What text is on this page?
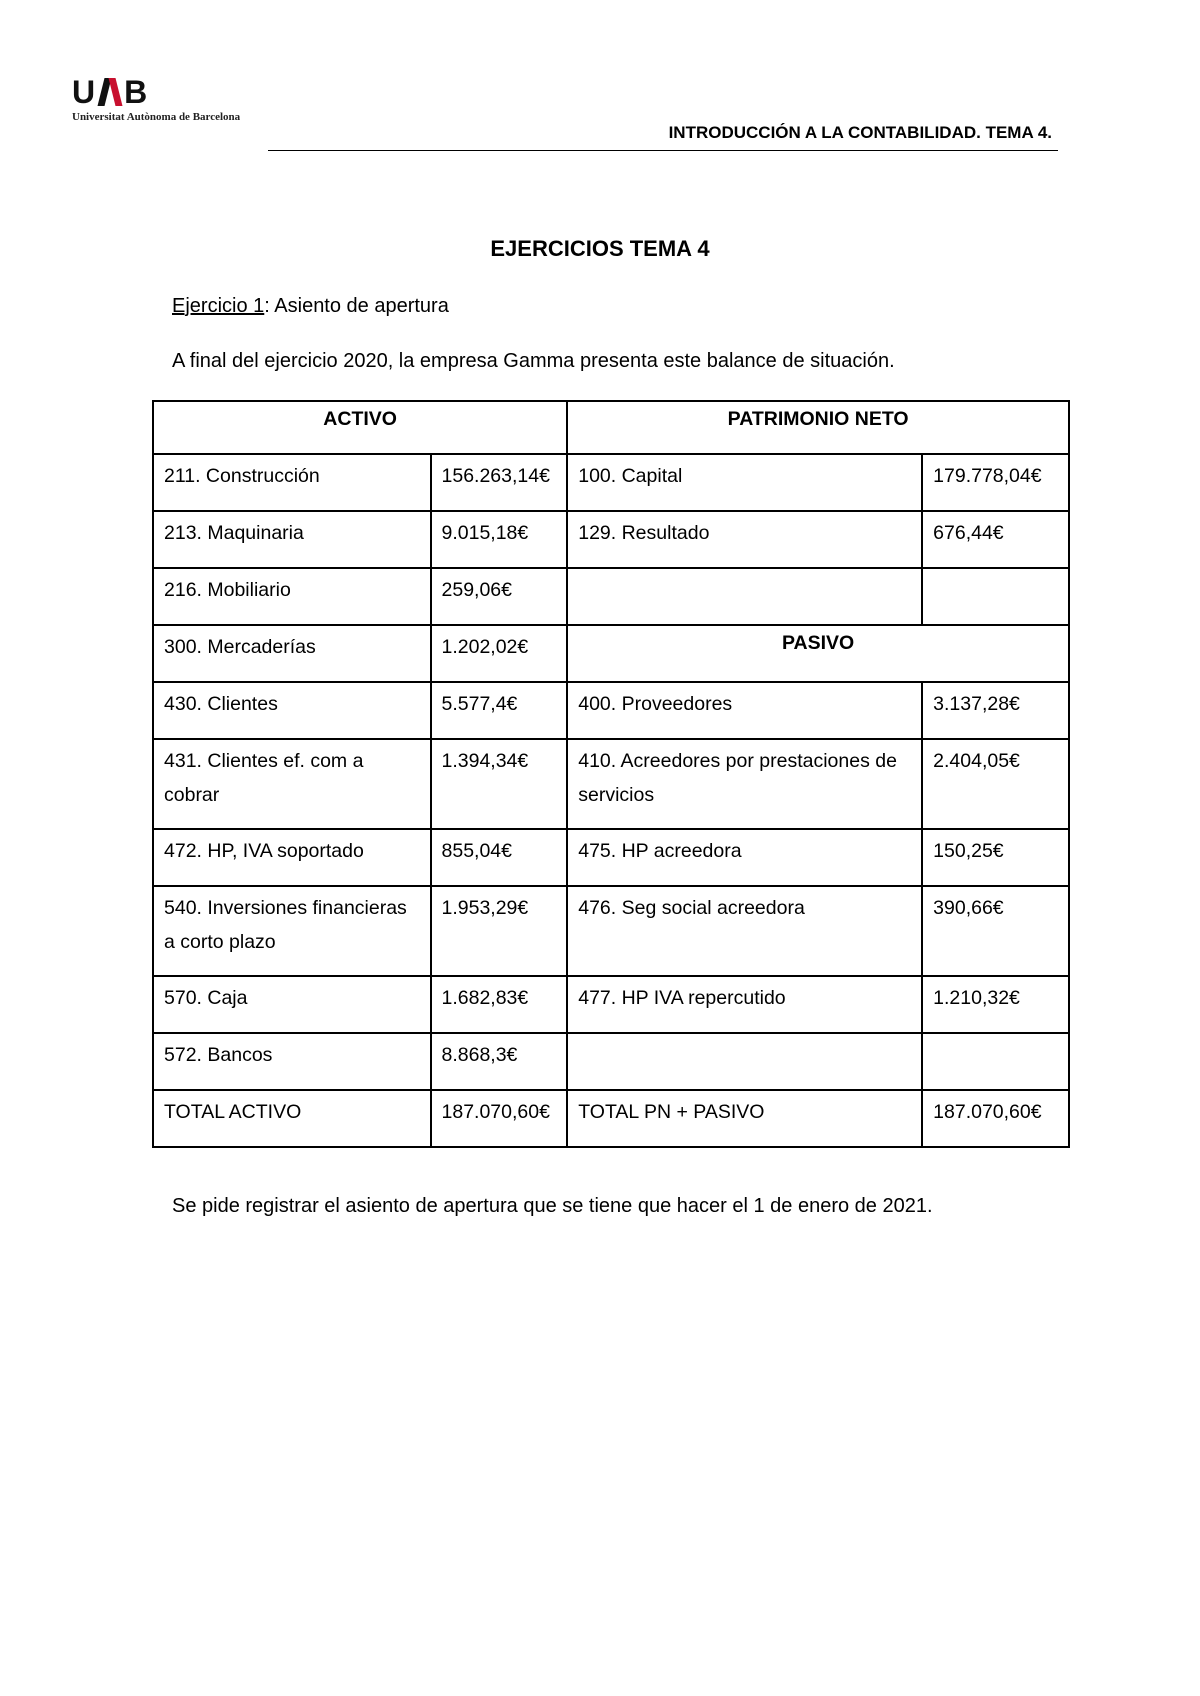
U B
Universitat Autònoma de Barcelona
INTRODUCCIÓN A LA CONTABILIDAD. TEMA 4.
EJERCICIOS TEMA 4
Ejercicio 1: Asiento de apertura
A final del ejercicio 2020, la empresa Gamma presenta este balance de situación.
ACTIVO		PATRIMONIO NETO	
211. Construcción	156.263,14€	100. Capital	179.778,04€
213. Maquinaria	9.015,18€	129. Resultado	676,44€
216. Mobiliario	259,06€		
300. Mercaderías	1.202,02€	PASIVO	
430. Clientes	5.577,4€	400. Proveedores	3.137,28€
431. Clientes ef. com a cobrar	1.394,34€	410. Acreedores por prestaciones de servicios	2.404,05€
472. HP, IVA soportado	855,04€	475. HP acreedora	150,25€
540. Inversiones financieras a corto plazo	1.953,29€	476. Seg social acreedora	390,66€
570. Caja	1.682,83€	477. HP IVA repercutido	1.210,32€
572. Bancos	8.868,3€		
TOTAL ACTIVO	187.070,60€	TOTAL PN + PASIVO	187.070,60€
Se pide registrar el asiento de apertura que se tiene que hacer el 1 de enero de 2021.
